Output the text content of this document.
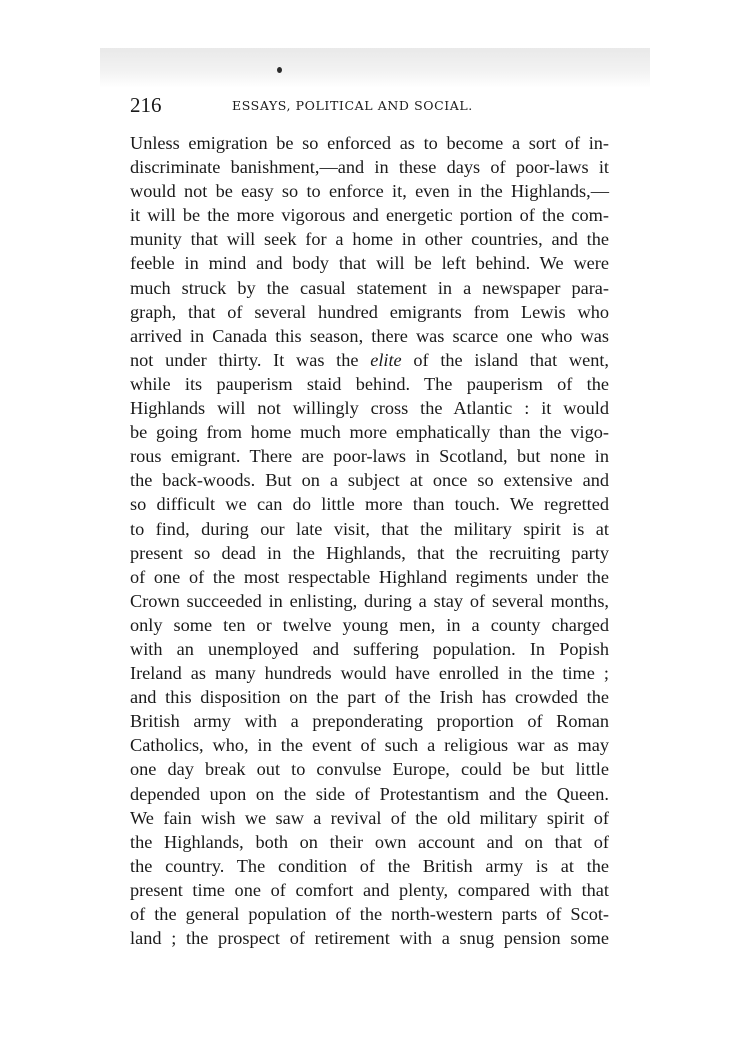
216	ESSAYS, POLITICAL AND SOCIAL.
Unless emigration be so enforced as to become a sort of in-
discriminate banishment,—and in these days of poor-laws it
would not be easy so to enforce it, even in the Highlands,—
it will be the more vigorous and energetic portion of the com-
munity that will seek for a home in other countries, and the
feeble in mind and body that will be left behind. We were
much struck by the casual statement in a newspaper para-
graph, that of several hundred emigrants from Lewis who
arrived in Canada this season, there was scarce one who was
not under thirty. It was the elite of the island that went,
while its pauperism staid behind. The pauperism of the
Highlands will not willingly cross the Atlantic : it would
be going from home much more emphatically than the vigo-
rous emigrant. There are poor-laws in Scotland, but none in
the back-woods. But on a subject at once so extensive and
so difficult we can do little more than touch. We regretted
to find, during our late visit, that the military spirit is at
present so dead in the Highlands, that the recruiting party
of one of the most respectable Highland regiments under the
Crown succeeded in enlisting, during a stay of several months,
only some ten or twelve young men, in a county charged
with an unemployed and suffering population. In Popish
Ireland as many hundreds would have enrolled in the time ;
and this disposition on the part of the Irish has crowded the
British army with a preponderating proportion of Roman
Catholics, who, in the event of such a religious war as may
one day break out to convulse Europe, could be but little
depended upon on the side of Protestantism and the Queen.
We fain wish we saw a revival of the old military spirit of
the Highlands, both on their own account and on that of
the country. The condition of the British army is at the
present time one of comfort and plenty, compared with that
of the general population of the north-western parts of Scot-
land ; the prospect of retirement with a snug pension some
